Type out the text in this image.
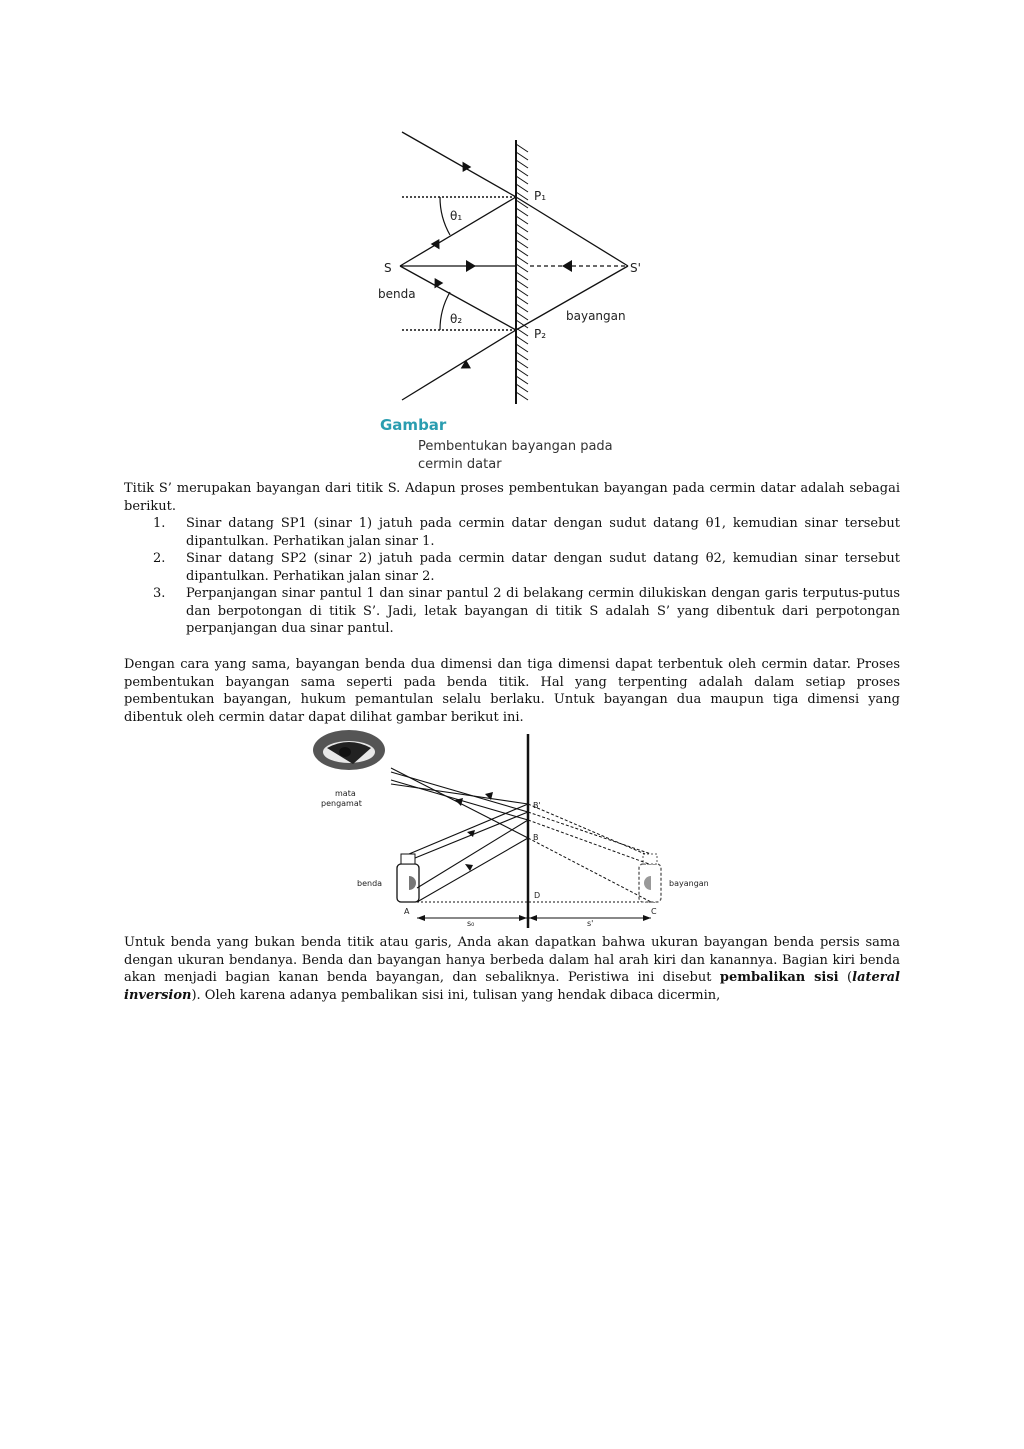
P₁
P₂
S	S'
benda
bayangan
θ₁
θ₂
Gambar
Pembentukan bayangan pada
cermin datar

Titik S’ merupakan bayangan dari titik S. Adapun proses pembentukan bayangan pada cermin datar adalah sebagai berikut.

1. Sinar datang SP1 (sinar 1) jatuh pada cermin datar dengan sudut datang θ1, kemudian sinar tersebut dipantulkan. Perhatikan jalan sinar 1.
2. Sinar datang SP2 (sinar 2) jatuh pada cermin datar dengan sudut datang θ2, kemudian sinar tersebut dipantulkan. Perhatikan jalan sinar 2.
3. Perpanjangan sinar pantul 1 dan sinar pantul 2 di belakang cermin dilukiskan dengan garis terputus-putus dan berpotongan di titik S’. Jadi, letak bayangan di titik S adalah S’ yang dibentuk dari perpotongan perpanjangan dua sinar pantul.

Dengan cara yang sama, bayangan benda dua dimensi dan tiga dimensi dapat terbentuk oleh cermin datar. Proses pembentukan bayangan sama seperti pada benda titik. Hal yang terpenting adalah dalam setiap proses pembentukan bayangan, hukum pemantulan selalu berlaku. Untuk bayangan dua maupun tiga dimensi yang dibentuk oleh cermin datar dapat dilihat gambar berikut ini.

mata
pengamat
benda	bayangan
B'
B
D
A	C
s₀	s'

Untuk benda yang bukan benda titik atau garis, Anda akan dapatkan bahwa ukuran bayangan benda persis sama dengan ukuran bendanya. Benda dan bayangan hanya berbeda dalam hal arah kiri dan kanannya. Bagian kiri benda akan menjadi bagian kanan benda bayangan, dan sebaliknya. Peristiwa ini disebut pembalikan sisi (lateral inversion). Oleh karena adanya pembalikan sisi ini, tulisan yang hendak dibaca dicermin,
